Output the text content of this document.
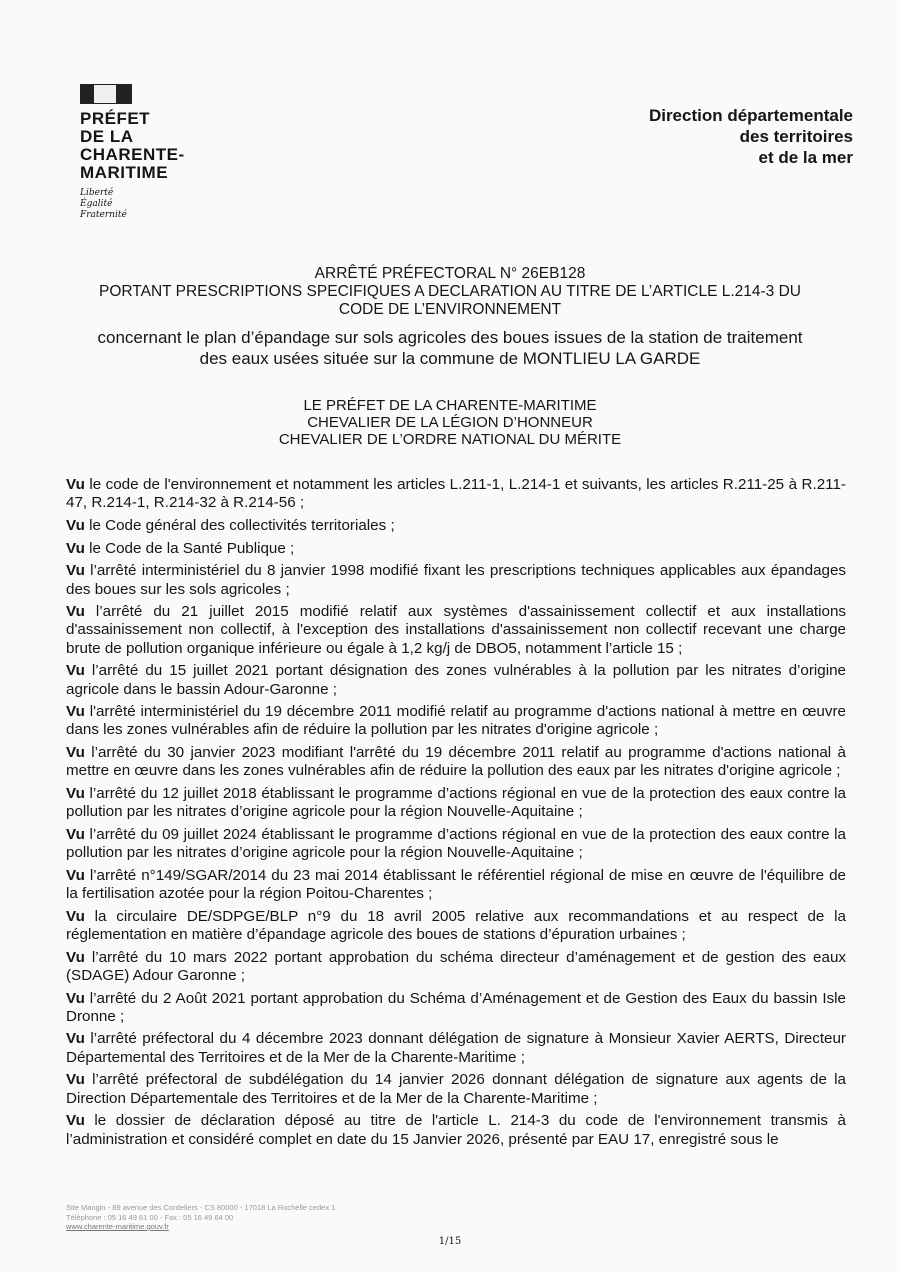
PRÉFET
DE LA
CHARENTE-
MARITIME
Liberté
Égalité
Fraternité
Direction départementale
des territoires
et de la mer
ARRÊTÉ PRÉFECTORAL N° 26EB128
PORTANT PRESCRIPTIONS SPECIFIQUES A DECLARATION AU TITRE DE L’ARTICLE L.214-3 DU
CODE DE L’ENVIRONNEMENT
concernant le plan d’épandage sur sols agricoles des boues issues de la station de traitement
des eaux usées située sur la commune de MONTLIEU LA GARDE
LE PRÉFET DE LA CHARENTE-MARITIME
CHEVALIER DE LA LÉGION D’HONNEUR
CHEVALIER DE L’ORDRE NATIONAL DU MÉRITE
Vu le code de l'environnement et notamment les articles L.211-1, L.214-1 et suivants, les articles R.211-25 à R.211-47, R.214-1, R.214-32 à R.214-56 ;
Vu le Code général des collectivités territoriales ;
Vu le Code de la Santé Publique ;
Vu l’arrêté interministériel du 8 janvier 1998 modifié fixant les prescriptions techniques applicables aux épandages des boues sur les sols agricoles ;
Vu l’arrêté du 21 juillet 2015 modifié relatif aux systèmes d'assainissement collectif et aux installations d'assainissement non collectif, à l'exception des installations d'assainissement non collectif recevant une charge brute de pollution organique inférieure ou égale à 1,2 kg/j de DBO5, notamment l’article 15 ;
Vu l’arrêté du 15 juillet 2021 portant désignation des zones vulnérables à la pollution par les nitrates d’origine agricole dans le bassin Adour-Garonne ;
Vu l'arrêté interministériel du 19 décembre 2011 modifié relatif au programme d'actions national à mettre en œuvre dans les zones vulnérables afin de réduire la pollution par les nitrates d'origine agricole ;
Vu l’arrêté du 30 janvier 2023 modifiant l'arrêté du 19 décembre 2011 relatif au programme d'actions national à mettre en œuvre dans les zones vulnérables afin de réduire la pollution des eaux par les nitrates d'origine agricole ;
Vu l’arrêté du 12 juillet 2018 établissant le programme d’actions régional en vue de la protection des eaux contre la pollution par les nitrates d’origine agricole pour la région Nouvelle-Aquitaine ;
Vu l’arrêté du 09 juillet 2024 établissant le programme d’actions régional en vue de la protection des eaux contre la pollution par les nitrates d’origine agricole pour la région Nouvelle-Aquitaine ;
Vu l’arrêté n°149/SGAR/2014 du 23 mai 2014 établissant le référentiel régional de mise en œuvre de l'équilibre de la fertilisation azotée pour la région Poitou-Charentes ;
Vu la circulaire DE/SDPGE/BLP n°9 du 18 avril 2005 relative aux recommandations et au respect de la réglementation en matière d’épandage agricole des boues de stations d’épuration urbaines ;
Vu l’arrêté du 10 mars 2022 portant approbation du schéma directeur d’aménagement et de gestion des eaux (SDAGE) Adour Garonne ;
Vu l’arrêté du 2 Août 2021 portant approbation du Schéma d’Aménagement et de Gestion des Eaux du bassin Isle Dronne ;
Vu l’arrêté préfectoral du 4 décembre 2023 donnant délégation de signature à Monsieur Xavier AERTS, Directeur Départemental des Territoires et de la Mer de la Charente-Maritime ;
Vu l’arrêté préfectoral de subdélégation du 14 janvier 2026 donnant délégation de signature aux agents de la Direction Départementale des Territoires et de la Mer de la Charente-Maritime ;
Vu le dossier de déclaration déposé au titre de l'article L. 214-3 du code de l'environnement transmis à l’administration et considéré complet en date du 15 Janvier 2026, présenté par EAU 17, enregistré sous le
Site Mangin - 89 avenue des Cordeliers - CS 80000 - 17018 La Rochelle cedex 1
Téléphone : 05 16 49 61 00 - Fax : 05 16 49 64 00
www.charente-maritime.gouv.fr
1/15
